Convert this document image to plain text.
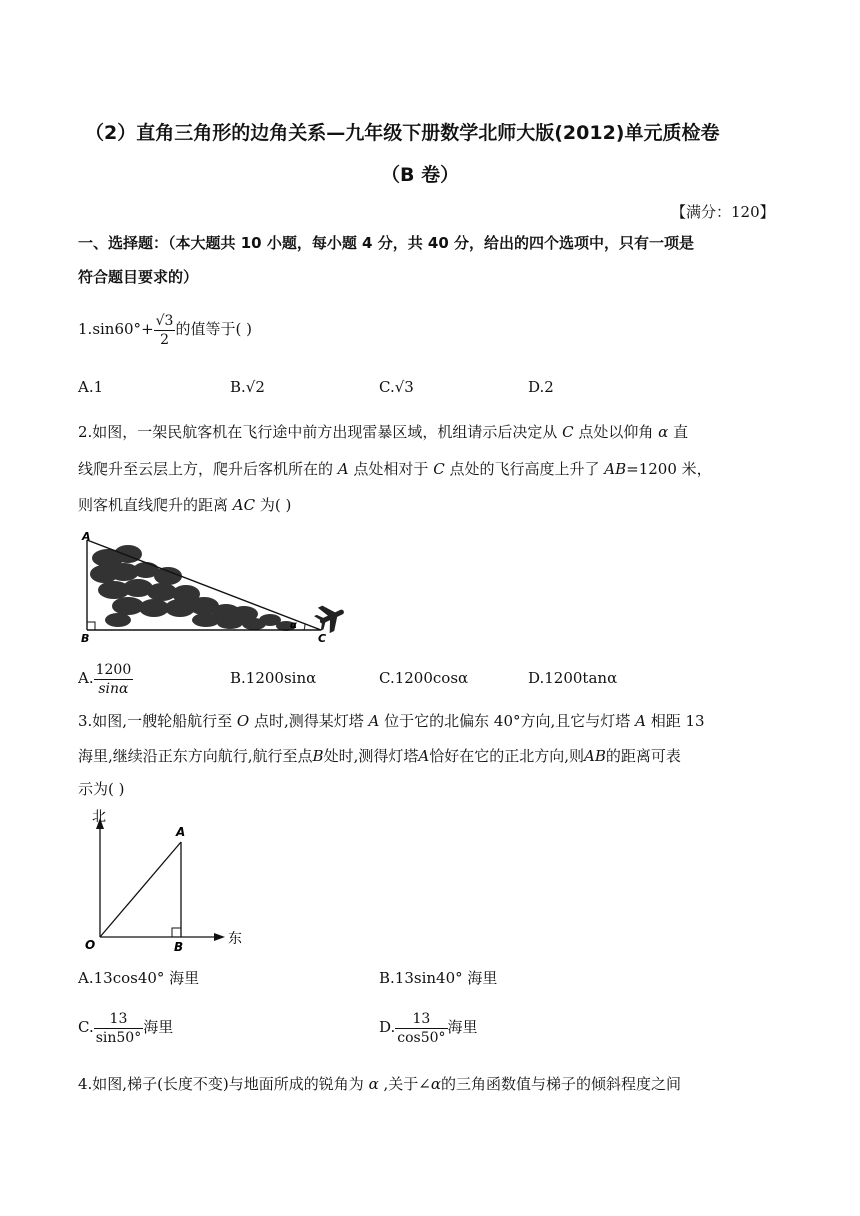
（2）直角三角形的边角关系—九年级下册数学北师大版(2012)单元质检卷
（B 卷）
【满分：120】
一、选择题：（本大题共 10 小题，每小题 4 分，共 40 分，给出的四个选项中，只有一项是
符合题目要求的）
$1.\sin 60^\circ+ \frac{√3}{2}$ 的值等于( )
A.1	B.√2	C.√3	D.2
2.如图，一架民航客机在飞行途中前方出现雷暴区域，机组请示后决定从 C 点处以仰角 α 直
线爬升至云层上方，爬升后客机所在的 A 点处相对于 C 点处的飞行高度上升了 AB=1200 米，
则客机直线爬升的距离 AC 为( )
A
B	C
α
A. $\frac{1200}{\sin\alpha}$	B.1200sinα	C.1200cosα	D.1200tanα
3.如图,一艘轮船航行至 O 点时,测得某灯塔 A 位于它的北偏东 40°方向,且它与灯塔 A 相距 13
海里,继续沿正东方向航行,航行至点B处时,测得灯塔A恰好在它的正北方向,则AB的距离可表
示为( )
北
东
A
O	B
A.13cos40° 海里	B.13sin40° 海里
C. $\frac{13}{\sin 50^\circ}$ 海里	D. $\frac{13}{\cos 50^\circ}$ 海里
4.如图,梯子(长度不变)与地面所成的锐角为 α ,关于∠α的三角函数值与梯子的倾斜程度之间
